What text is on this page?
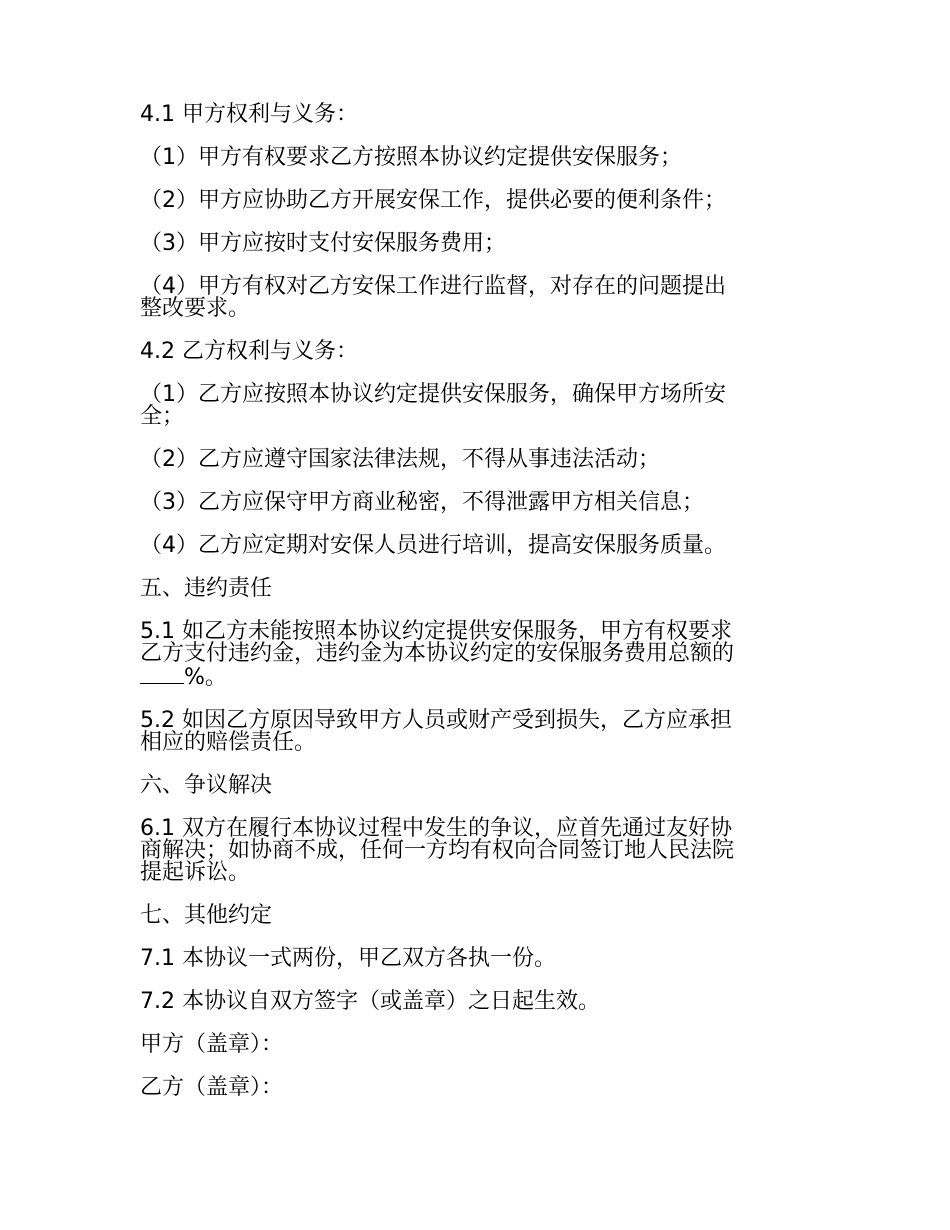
4.1 甲方权利与义务：

（1）甲方有权要求乙方按照本协议约定提供安保服务；

（2）甲方应协助乙方开展安保工作，提供必要的便利条件；

（3）甲方应按时支付安保服务费用；

（4）甲方有权对乙方安保工作进行监督，对存在的问题提出

整改要求。

4.2 乙方权利与义务：

（1）乙方应按照本协议约定提供安保服务，确保甲方场所安

全；

（2）乙方应遵守国家法律法规，不得从事违法活动；

（3）乙方应保守甲方商业秘密，不得泄露甲方相关信息；

（4）乙方应定期对安保人员进行培训，提高安保服务质量。

五、违约责任

5.1 如乙方未能按照本协议约定提供安保服务，甲方有权要求

乙方支付违约金，违约金为本协议约定的安保服务费用总额的

%。

5.2 如因乙方原因导致甲方人员或财产受到损失，乙方应承担

相应的赔偿责任。

六、争议解决

6.1 双方在履行本协议过程中发生的争议，应首先通过友好协

商解决；如协商不成，任何一方均有权向合同签订地人民法院

提起诉讼。

七、其他约定

7.1 本协议一式两份，甲乙双方各执一份。

7.2 本协议自双方签字（或盖章）之日起生效。

甲方（盖章）：

乙方（盖章）：
